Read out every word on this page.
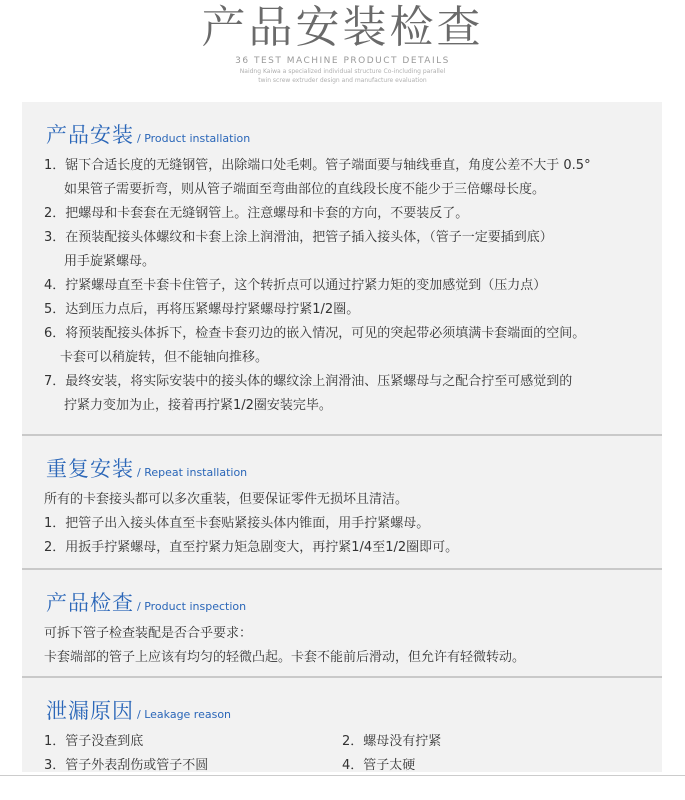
产品安装检查
36 TEST MACHINE PRODUCT DETAILS
Naidng Kaiwa a specialized individual structure Co-including parallel
twin screw extruder design and manufacture evaluation
产品安装 / Product installation
1．锯下合适长度的无缝钢管，出除端口处毛刺。管子端面要与轴线垂直，角度公差不大于 0.5°
如果管子需要折弯，则从管子端面至弯曲部位的直线段长度不能少于三倍螺母长度。
2．把螺母和卡套套在无缝钢管上。注意螺母和卡套的方向，不要装反了。
3．在预装配接头体螺纹和卡套上涂上润滑油，把管子插入接头体，（管子一定要插到底）
用手旋紧螺母。
4．拧紧螺母直至卡套卡住管子，这个转折点可以通过拧紧力矩的变加感觉到（压力点）
5．达到压力点后，再将压紧螺母拧紧螺母拧紧1/2圈。
6．将预装配接头体拆下，检查卡套刃边的嵌入情况，可见的突起带必须填满卡套端面的空间。
卡套可以稍旋转，但不能轴向推移。
7．最终安装，将实际安装中的接头体的螺纹涂上润滑油、压紧螺母与之配合拧至可感觉到的
拧紧力变加为止，接着再拧紧1/2圈安装完毕。
重复安装 / Repeat installation
所有的卡套接头都可以多次重装，但要保证零件无损坏且清洁。
1．把管子出入接头体直至卡套贴紧接头体内锥面，用手拧紧螺母。
2．用扳手拧紧螺母，直至拧紧力矩急剧变大，再拧紧1/4至1/2圈即可。
产品检查 / Product inspection
可拆下管子检查装配是否合乎要求：
卡套端部的管子上应该有均匀的轻微凸起。卡套不能前后滑动，但允许有轻微转动。
泄漏原因 / Leakage reason
1．管子没查到底	2．螺母没有拧紧
3．管子外表刮伤或管子不圆	4．管子太硬
